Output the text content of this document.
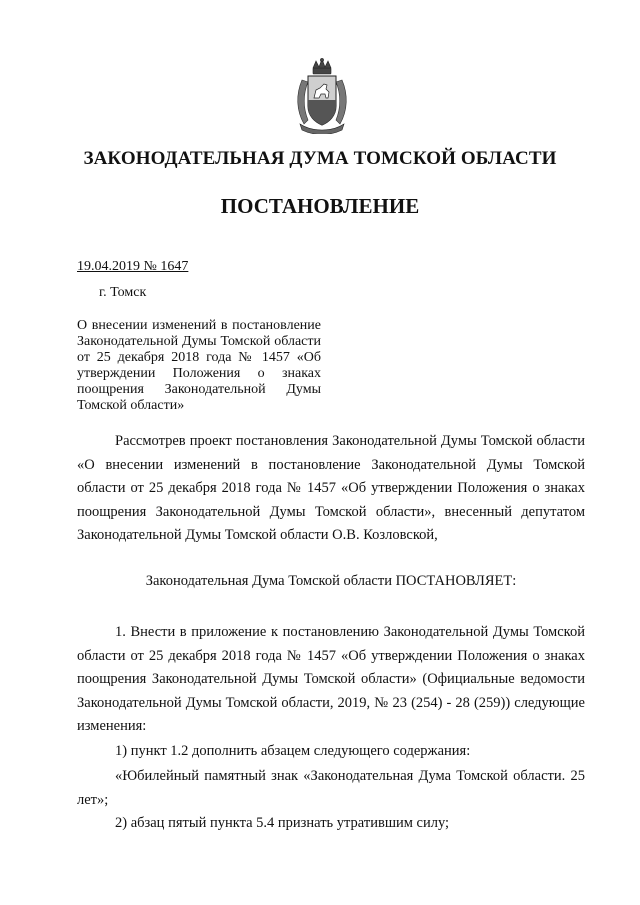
ЗАКОНОДАТЕЛЬНАЯ ДУМА ТОМСКОЙ ОБЛАСТИ
ПОСТАНОВЛЕНИЕ
19.04.2019 № 1647
г. Томск

О внесении изменений в постановление Законодательной Думы Томской области от 25 декабря 2018 года № 1457 «Об утверждении Положения о знаках поощрения Законодательной Думы Томской области»

Рассмотрев проект постановления Законодательной Думы Томской области «О внесении изменений в постановление Законодательной Думы Томской области от 25 декабря 2018 года № 1457 «Об утверждении Положения о знаках поощрения Законодательной Думы Томской области», внесенный депутатом Законодательной Думы Томской области О.В. Козловской,

Законодательная Дума Томской области ПОСТАНОВЛЯЕТ:

1. Внести в приложение к постановлению Законодательной Думы Томской области от 25 декабря 2018 года № 1457 «Об утверждении Положения о знаках поощрения Законодательной Думы Томской области» (Официальные ведомости Законодательной Думы Томской области, 2019, № 23 (254) - 28 (259)) следующие изменения:

1) пункт 1.2 дополнить абзацем следующего содержания:

«Юбилейный памятный знак «Законодательная Дума Томской области. 25 лет»;

2) абзац пятый пункта 5.4 признать утратившим силу;
